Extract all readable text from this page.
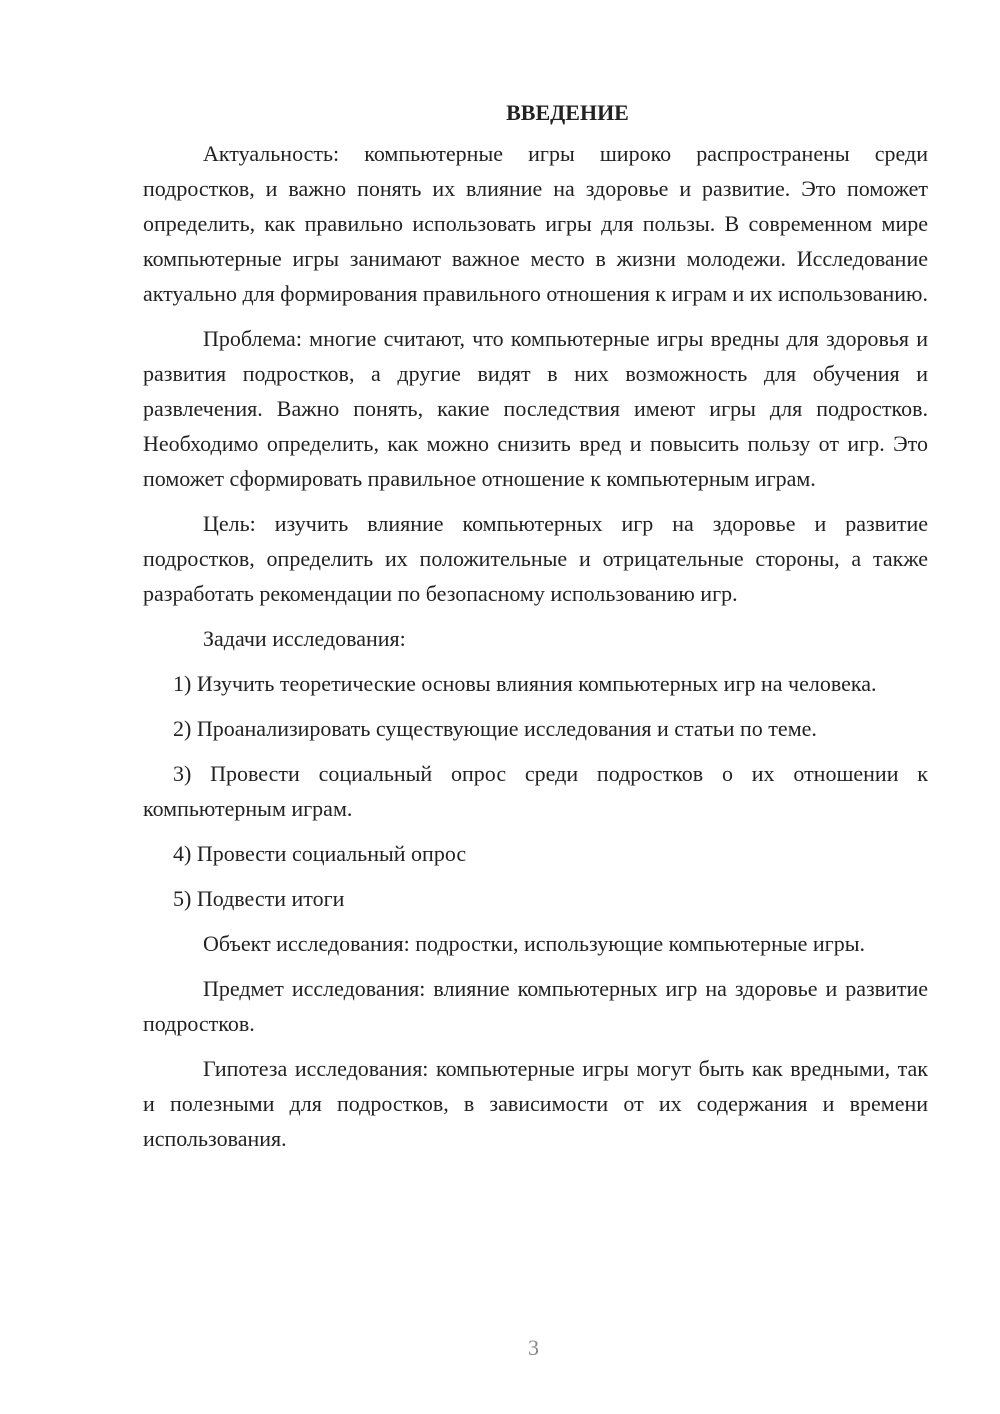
ВВЕДЕНИЕ

Актуальность: компьютерные игры широко распространены среди подростков, и важно понять их влияние на здоровье и развитие. Это поможет определить, как правильно использовать игры для пользы. В современном мире компьютерные игры занимают важное место в жизни молодежи. Исследование актуально для формирования правильного отношения к играм и их использованию.

Проблема: многие считают, что компьютерные игры вредны для здоровья и развития подростков, а другие видят в них возможность для обучения и развлечения. Важно понять, какие последствия имеют игры для подростков. Необходимо определить, как можно снизить вред и повысить пользу от игр. Это поможет сформировать правильное отношение к компьютерным играм.

Цель: изучить влияние компьютерных игр на здоровье и развитие подростков, определить их положительные и отрицательные стороны, а также разработать рекомендации по безопасному использованию игр.

Задачи исследования:

1) Изучить теоретические основы влияния компьютерных игр на человека.

2) Проанализировать существующие исследования и статьи по теме.

3) Провести социальный опрос среди подростков о их отношении к компьютерным играм.

4) Провести социальный опрос

5) Подвести итоги

Объект исследования: подростки, использующие компьютерные игры.

Предмет исследования: влияние компьютерных игр на здоровье и развитие подростков.

Гипотеза исследования: компьютерные игры могут быть как вредными, так и полезными для подростков, в зависимости от их содержания и времени использования.

3
